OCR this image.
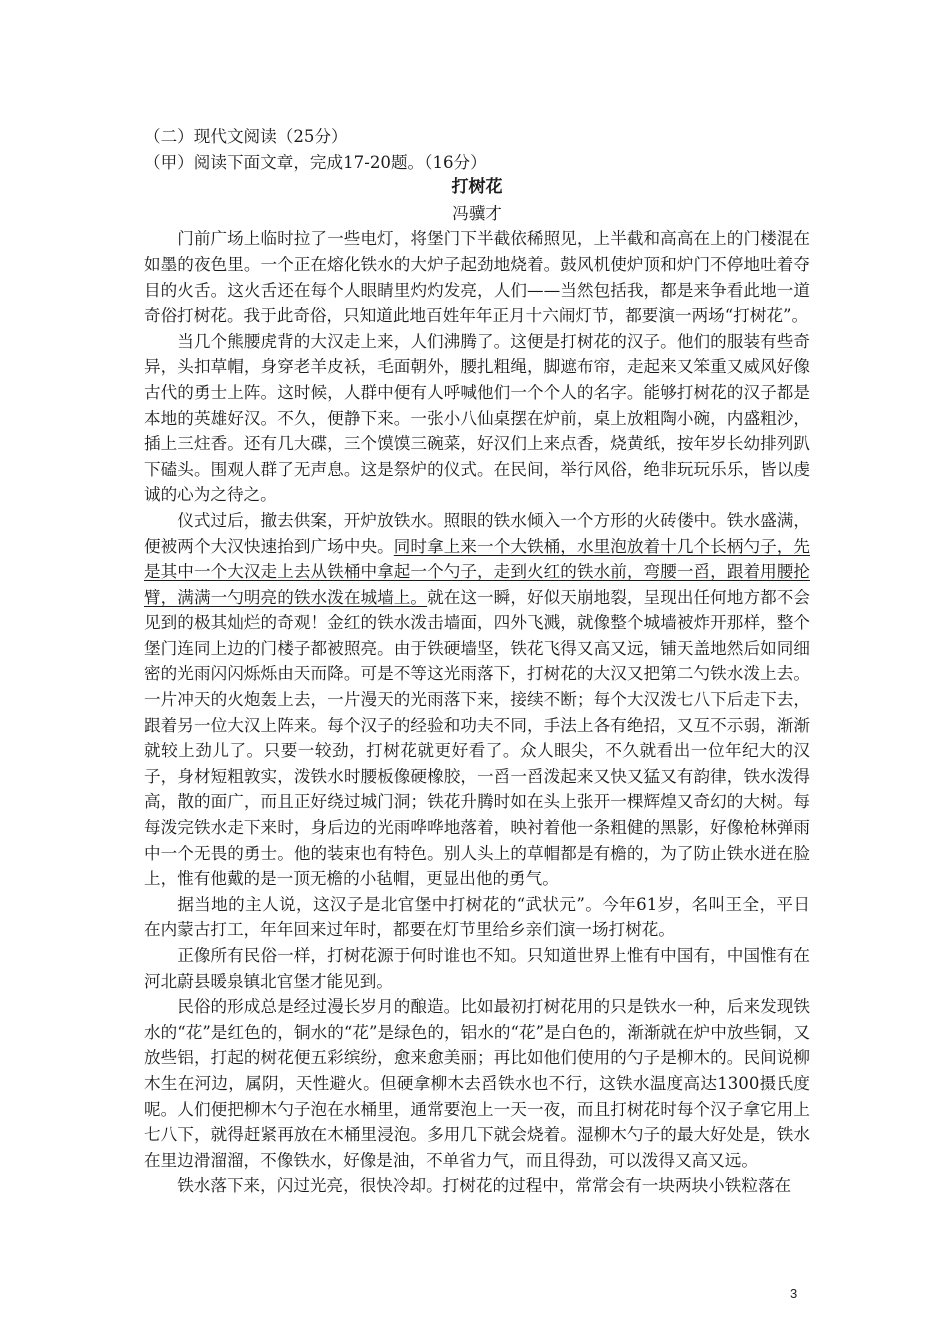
（二）现代文阅读（25分）

（甲）阅读下面文章，完成17-20题。（16分）

打树花
冯骥才

门前广场上临时拉了一些电灯，将堡门下半截依稀照见，上半截和高高在上的门楼混在如墨的夜色里。一个正在熔化铁水的大炉子起劲地烧着。鼓风机使炉顶和炉门不停地吐着夺目的火舌。这火舌还在每个人眼睛里灼灼发亮，人们——当然包括我，都是来争看此地一道奇俗打树花。我于此奇俗，只知道此地百姓年年正月十六闹灯节，都要演一两场“打树花”。

当几个熊腰虎背的大汉走上来，人们沸腾了。这便是打树花的汉子。他们的服装有些奇异，头扣草帽，身穿老羊皮袄，毛面朝外，腰扎粗绳，脚遮布帘，走起来又笨重又威风好像古代的勇士上阵。这时候，人群中便有人呼喊他们一个个人的名字。能够打树花的汉子都是本地的英雄好汉。不久，便静下来。一张小八仙桌摆在炉前，桌上放粗陶小碗，内盛粗沙，插上三炷香。还有几大碟，三个馍馍三碗菜，好汉们上来点香，烧黄纸，按年岁长幼排列趴下磕头。围观人群了无声息。这是祭炉的仪式。在民间，举行风俗，绝非玩玩乐乐，皆以虔诚的心为之待之。

仪式过后，撤去供案，开炉放铁水。照眼的铁水倾入一个方形的火砖偻中。铁水盛满，便被两个大汉快速抬到广场中央。同时拿上来一个大铁桶，水里泡放着十几个长柄勺子，先是其中一个大汉走上去从铁桶中拿起一个勺子，走到火红的铁水前，弯腰一舀，跟着用腰抡臂，满满一勺明亮的铁水泼在城墙上。就在这一瞬，好似天崩地裂，呈现出任何地方都不会见到的极其灿烂的奇观！金红的铁水泼击墙面，四外飞溅，就像整个城墙被炸开那样，整个堡门连同上边的门楼子都被照亮。由于铁硬墙坚，铁花飞得又高又远，铺天盖地然后如同细密的光雨闪闪烁烁由天而降。可是不等这光雨落下，打树花的大汉又把第二勺铁水泼上去。一片冲天的火炮轰上去，一片漫天的光雨落下来，接续不断；每个大汉泼七八下后走下去，跟着另一位大汉上阵来。每个汉子的经验和功夫不同，手法上各有绝招，又互不示弱，渐渐就较上劲儿了。只要一较劲，打树花就更好看了。众人眼尖，不久就看出一位年纪大的汉子，身材短粗敦实，泼铁水时腰板像硬橡胶，一舀一舀泼起来又快又猛又有韵律，铁水泼得高，散的面广，而且正好绕过城门洞；铁花升腾时如在头上张开一棵辉煌又奇幻的大树。每每泼完铁水走下来时，身后边的光雨哗哗地落着，映衬着他一条粗健的黑影，好像枪林弹雨中一个无畏的勇士。他的装束也有特色。别人头上的草帽都是有檐的，为了防止铁水迸在脸上，惟有他戴的是一顶无檐的小毡帽，更显出他的勇气。

据当地的主人说，这汉子是北官堡中打树花的“武状元”。今年61岁，名叫王全，平日在内蒙古打工，年年回来过年时，都要在灯节里给乡亲们演一场打树花。

正像所有民俗一样，打树花源于何时谁也不知。只知道世界上惟有中国有，中国惟有在河北蔚县暖泉镇北官堡才能见到。

民俗的形成总是经过漫长岁月的酿造。比如最初打树花用的只是铁水一种，后来发现铁水的“花”是红色的，铜水的“花”是绿色的，铝水的“花”是白色的，渐渐就在炉中放些铜，又放些铝，打起的树花便五彩缤纷，愈来愈美丽；再比如他们使用的勺子是柳木的。民间说柳木生在河边，属阴，天性避火。但硬拿柳木去舀铁水也不行，这铁水温度高达1300摄氏度呢。人们便把柳木勺子泡在水桶里，通常要泡上一天一夜，而且打树花时每个汉子拿它用上七八下，就得赶紧再放在木桶里浸泡。多用几下就会烧着。湿柳木勺子的最大好处是，铁水在里边滑溜溜，不像铁水，好像是油，不单省力气，而且得劲，可以泼得又高又远。

铁水落下来，闪过光亮，很快冷却。打树花的过程中，常常会有一块两块小铁粒落在

3
